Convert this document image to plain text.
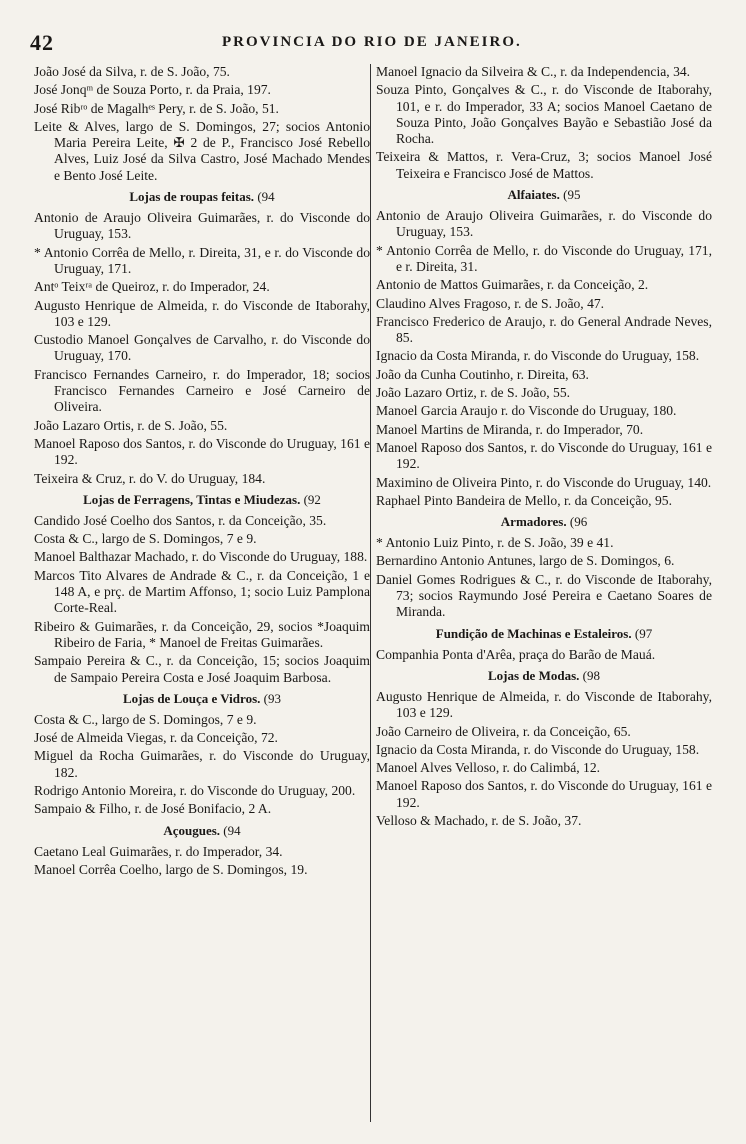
42	PROVINCIA DO RIO DE JANEIRO.
João José da Silva, r. de S. João, 75.
José Jonqᵐ de Souza Porto, r. da Praia, 197.
José Ribʳᵒ de Magalhᵉˢ Pery, r. de S. João, 51.
Leite & Alves, largo de S. Domingos, 27; socios Antonio Maria Pereira Leite, ✠ 2 de P., Francisco José Rebello Alves, Luiz José da Silva Castro, José Machado Mendes e Bento José Leite.
Lojas de roupas feitas. (94
Antonio de Araujo Oliveira Guimarães, r. do Visconde do Uruguay, 153.
* Antonio Corrêa de Mello, r. Direita, 31, e r. do Visconde do Uruguay, 171.
Antᵒ Teixʳᵃ de Queiroz, r. do Imperador, 24.
Augusto Henrique de Almeida, r. do Visconde de Itaborahy, 103 e 129.
Custodio Manoel Gonçalves de Carvalho, r. do Visconde do Uruguay, 170.
Francisco Fernandes Carneiro, r. do Imperador, 18; socios Francisco Fernandes Carneiro e José Carneiro de Oliveira.
João Lazaro Ortis, r. de S. João, 55.
Manoel Raposo dos Santos, r. do Visconde do Uruguay, 161 e 192.
Teixeira & Cruz, r. do V. do Uruguay, 184.
Lojas de Ferragens, Tintas e Miudezas. (92
Candido José Coelho dos Santos, r. da Conceição, 35.
Costa & C., largo de S. Domingos, 7 e 9.
Manoel Balthazar Machado, r. do Visconde do Uruguay, 188.
Marcos Tito Alvares de Andrade & C., r. da Conceição, 1 e 148 A, e prç. de Martim Affonso, 1; socio Luiz Pamplona Corte-Real.
Ribeiro & Guimarães, r. da Conceição, 29, socios *Joaquim Ribeiro de Faria, * Manoel de Freitas Guimarães.
Sampaio Pereira & C., r. da Conceição, 15; socios Joaquim de Sampaio Pereira Costa e José Joaquim Barbosa.
Lojas de Louça e Vidros. (93
Costa & C., largo de S. Domingos, 7 e 9.
José de Almeida Viegas, r. da Conceição, 72.
Miguel da Rocha Guimarães, r. do Visconde do Uruguay, 182.
Rodrigo Antonio Moreira, r. do Visconde do Uruguay, 200.
Sampaio & Filho, r. de José Bonifacio, 2 A.
Açougues. (94
Caetano Leal Guimarães, r. do Imperador, 34.
Manoel Corrêa Coelho, largo de S. Domingos, 19.
Manoel Ignacio da Silveira & C., r. da Independencia, 34.
Souza Pinto, Gonçalves & C., r. do Visconde de Itaborahy, 101, e r. do Imperador, 33 A; socios Manoel Caetano de Souza Pinto, João Gonçalves Bayão e Sebastião José da Rocha.
Teixeira & Mattos, r. Vera-Cruz, 3; socios Manoel José Teixeira e Francisco José de Mattos.
Alfaiates. (95
Antonio de Araujo Oliveira Guimarães, r. do Visconde do Uruguay, 153.
* Antonio Corrêa de Mello, r. do Visconde do Uruguay, 171, e r. Direita, 31.
Antonio de Mattos Guimarães, r. da Conceição, 2.
Claudino Alves Fragoso, r. de S. João, 47.
Francisco Frederico de Araujo, r. do General Andrade Neves, 85.
Ignacio da Costa Miranda, r. do Visconde do Uruguay, 158.
João da Cunha Coutinho, r. Direita, 63.
João Lazaro Ortiz, r. de S. João, 55.
Manoel Garcia Araujo r. do Visconde do Uruguay, 180.
Manoel Martins de Miranda, r. do Imperador, 70.
Manoel Raposo dos Santos, r. do Visconde do Uruguay, 161 e 192.
Maximino de Oliveira Pinto, r. do Visconde do Uruguay, 140.
Raphael Pinto Bandeira de Mello, r. da Conceição, 95.
Armadores. (96
* Antonio Luiz Pinto, r. de S. João, 39 e 41.
Bernardino Antonio Antunes, largo de S. Domingos, 6.
Daniel Gomes Rodrigues & C., r. do Visconde de Itaborahy, 73; socios Raymundo José Pereira e Caetano Soares de Miranda.
Fundição de Machinas e Estaleiros. (97
Companhia Ponta d'Arêa, praça do Barão de Mauá.
Lojas de Modas. (98
Augusto Henrique de Almeida, r. do Visconde de Itaborahy, 103 e 129.
João Carneiro de Oliveira, r. da Conceição, 65.
Ignacio da Costa Miranda, r. do Visconde do Uruguay, 158.
Manoel Alves Velloso, r. do Calimbá, 12.
Manoel Raposo dos Santos, r. do Visconde do Uruguay, 161 e 192.
Velloso & Machado, r. de S. João, 37.
